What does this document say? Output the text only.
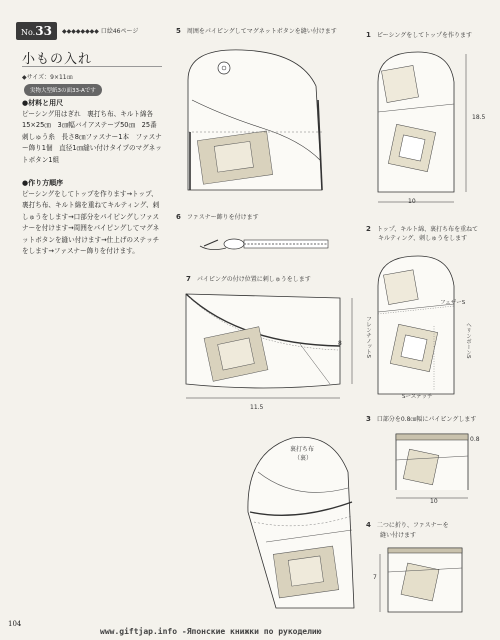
No.33	◆◆◆◆◆◆◆◆ 口絵46ページ
小もの入れ
◆サイズ：9×11㎝
実物大型紙3の面33-Aです
●材料と用尺
ピーシング用はぎれ　裏打ち布、キルト綿各15×25㎝　3㎝幅バイアステープ50㎝　25番刺しゅう糸　長さ8㎝ファスナー1本　ファスナー飾り1個　直径1㎝縫い付けタイプのマグネットボタン1組
●作り方順序
ピーシングをしてトップを作ります→トップ、裏打ち布、キルト綿を重ねてキルティング、刺しゅうをします→口部分をパイピングしファスナーを付けます→周囲をパイピングしてマグネットボタンを縫い付けます→仕上げのステッチをします→ファスナー飾りを付けます。
5　 周囲をパイピングしてマグネットボタンを縫い付けます	1　 ピーシングをしてトップを作ります
18.5
10
6　 ファスナー飾りを付けます
2　 トップ、キルト綿、裏打ち布を重ねて
キルティング、刺しゅうをします
フェザーS
ヘリンボーンS
フレンチノットS
Sーステッチ
7　 パイピングの付け位置に刺しゅうをします
8
11.5
3　 口部分を0.8㎝幅にパイピングします
0.8
10
4　 二つに折り、ファスナーを
縫い付けます
7
裏打ち布
（裏）
104
www.giftjap.info -Японские книжки по рукоделию
